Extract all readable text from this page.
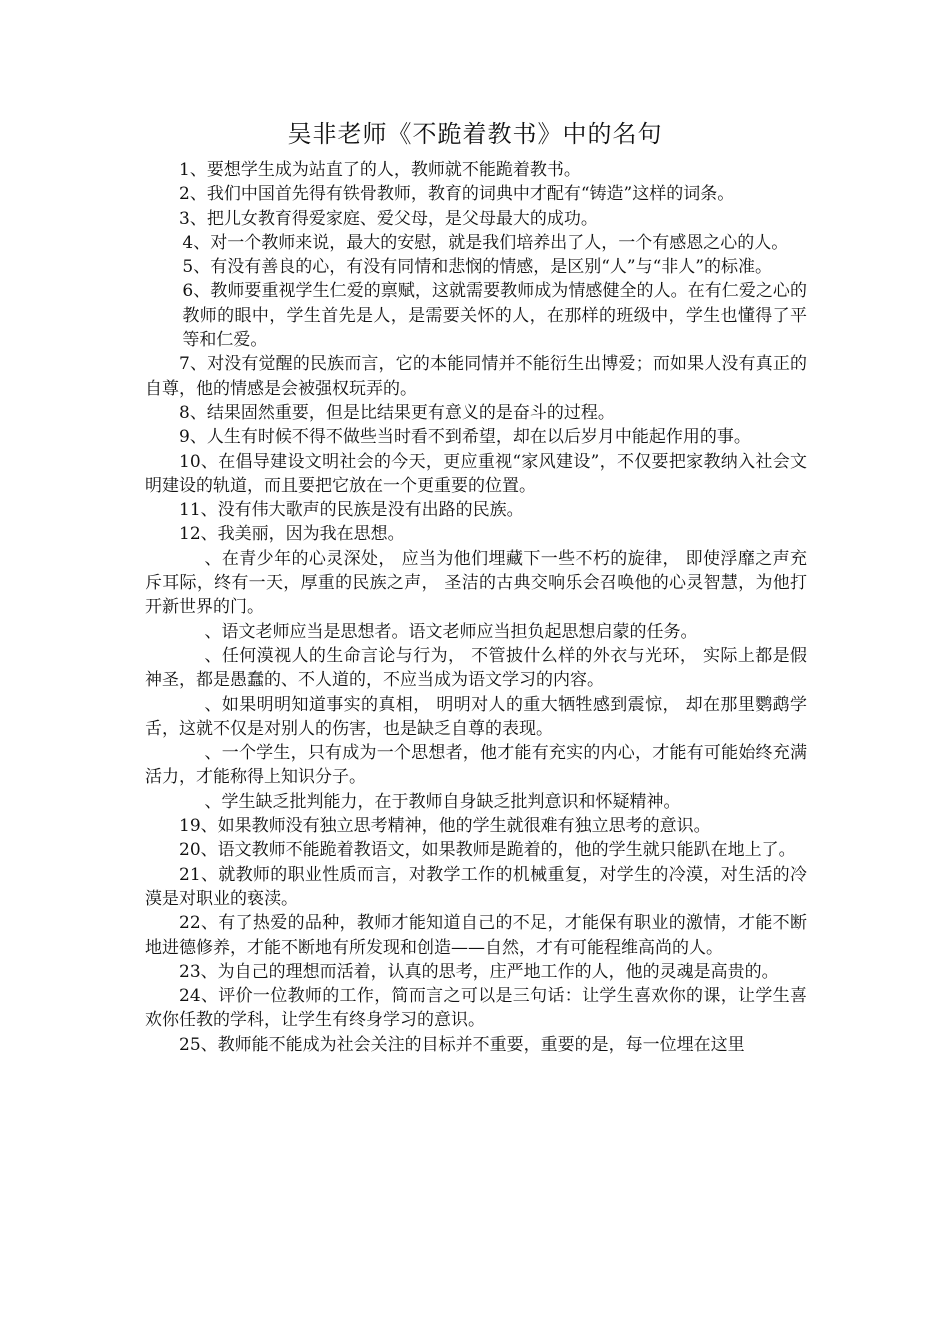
吴非老师《不跪着教书》中的名句

1、要想学生成为站直了的人，教师就不能跪着教书。

2、我们中国首先得有铁骨教师，教育的词典中才配有“铸造”这样的词条。

3、把儿女教育得爱家庭、爱父母，是父母最大的成功。

4、对一个教师来说，最大的安慰，就是我们培养出了人，一个有感恩之心的人。

5、有没有善良的心，有没有同情和悲悯的情感，是区别“人”与“非人”的标准。

6、教师要重视学生仁爱的禀赋，这就需要教师成为情感健全的人。在有仁爱之心的教师的眼中，学生首先是人，是需要关怀的人，在那样的班级中，学生也懂得了平等和仁爱。

7、对没有觉醒的民族而言，它的本能同情并不能衍生出博爱；而如果人没有真正的自尊，他的情感是会被强权玩弄的。

8、结果固然重要，但是比结果更有意义的是奋斗的过程。

9、人生有时候不得不做些当时看不到希望，却在以后岁月中能起作用的事。

10、在倡导建设文明社会的今天，更应重视“家风建设”，不仅要把家教纳入社会文明建设的轨道，而且要把它放在一个更重要的位置。

11、没有伟大歌声的民族是没有出路的民族。

12、我美丽，因为我在思想。

、在青少年的心灵深处， 应当为他们埋藏下一些不朽的旋律， 即使浮靡之声充斥耳际，终有一天，厚重的民族之声， 圣洁的古典交响乐会召唤他的心灵智慧，为他打开新世界的门。

、语文老师应当是思想者。语文老师应当担负起思想启蒙的任务。

、任何漠视人的生命言论与行为， 不管披什么样的外衣与光环， 实际上都是假神圣，都是愚蠢的、不人道的，不应当成为语文学习的内容。

、如果明明知道事实的真相， 明明对人的重大牺牲感到震惊， 却在那里鹦鹉学舌，这就不仅是对别人的伤害，也是缺乏自尊的表现。

、一个学生，只有成为一个思想者，他才能有充实的内心，才能有可能始终充满活力，才能称得上知识分子。

、学生缺乏批判能力，在于教师自身缺乏批判意识和怀疑精神。

19、如果教师没有独立思考精神，他的学生就很难有独立思考的意识。

20、语文教师不能跪着教语文，如果教师是跪着的，他的学生就只能趴在地上了。

21、就教师的职业性质而言，对教学工作的机械重复，对学生的冷漠，对生活的冷漠是对职业的亵渎。

22、有了热爱的品种，教师才能知道自己的不足，才能保有职业的激情，才能不断地进德修养，才能不断地有所发现和创造——自然，才有可能程维高尚的人。

23、为自己的理想而活着，认真的思考，庄严地工作的人，他的灵魂是高贵的。

24、评价一位教师的工作，简而言之可以是三句话：让学生喜欢你的课，让学生喜欢你任教的学科，让学生有终身学习的意识。

25、教师能不能成为社会关注的目标并不重要，重要的是，每一位埋在这里
